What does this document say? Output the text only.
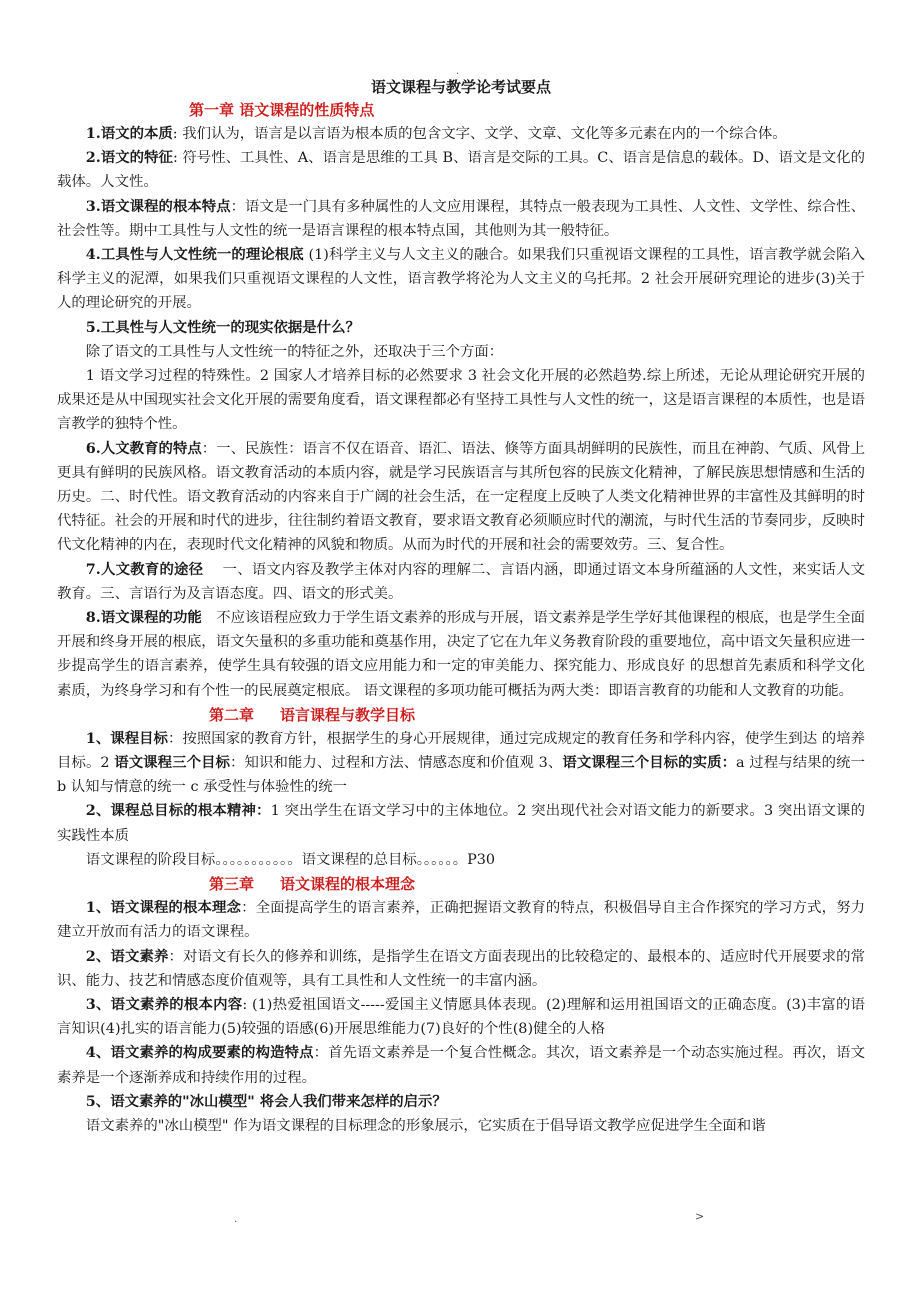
.
语文课程与教学论考试要点
第一章 语文课程的性质特点

1.语文的本质: 我们认为，语言是以言语为根本质的包含文字、文学、文章、文化等多元素在内的一个综合体。

2.语文的特征: 符号性、工具性、A、语言是思维的工具 B、语言是交际的工具。C、语言是信息的载体。D、语文是文化的载体。人文性。

3.语文课程的根本特点：语文是一门具有多种属性的人文应用课程，其特点一般表现为工具性、人文性、文学性、综合性、社会性等。期中工具性与人文性的统一是语言课程的根本特点国，其他则为其一般特征。

4.工具性与人文性统一的理论根底 (1)科学主义与人文主义的融合。如果我们只重视语文课程的工具性，语言教学就会陷入科学主义的泥潭，如果我们只重视语文课程的人文性，语言教学将沦为人文主义的乌托邦。2 社会开展研究理论的进步(3)关于人的理论研究的开展。

5.工具性与人文性统一的现实依据是什么？

除了语文的工具性与人文性统一的特征之外，还取决于三个方面：

1 语文学习过程的特殊性。2 国家人才培养目标的必然要求 3 社会文化开展的必然趋势.综上所述，无论从理论研究开展的成果还是从中国现实社会文化开展的需要角度看，语文课程都必有坚持工具性与人文性的统一，这是语言课程的本质性，也是语言教学的独特个性。

6.人文教育的特点：一、民族性：语言不仅在语音、语汇、语法、倏等方面具胡鲜明的民族性，而且在神韵、气质、风骨上更具有鲜明的民族风格。语文教育活动的本质内容，就是学习民族语言与其所包容的民族文化精神，了解民族思想情感和生活的历史。二、时代性。语文教育活动的内容来自于广阔的社会生活，在一定程度上反映了人类文化精神世界的丰富性及其鲜明的时代特征。社会的开展和时代的进步，往往制约着语文教育，要求语文教育必须顺应时代的潮流，与时代生活的节奏同步，反映时代文化精神的内在，表现时代文化精神的风貌和物质。从而为时代的开展和社会的需要效劳。三、复合性。

7.人文教育的途径　 一、语文内容及教学主体对内容的理解二、言语内涵，即通过语文本身所蕴涵的人文性，来实话人文教育。三、言语行为及言语态度。四、语文的形式美。

8.语文课程的功能　不应该语程应致力于学生语文素养的形成与开展，语文素养是学生学好其他课程的根底，也是学生全面开展和终身开展的根底，语文矢量积的多重功能和奠基作用，决定了它在九年义务教育阶段的重要地位，高中语文矢量积应进一步提高学生的语言素养，使学生具有较强的语文应用能力和一定的审美能力、探究能力、形成良好 的思想首先素质和科学文化素质，为终身学习和有个性一的民展奠定根底。 语文课程的多项功能可概括为两大类：即语言教育的功能和人文教育的功能。

第二章 语言课程与教学目标

1、课程目标：按照国家的教育方针，根据学生的身心开展规律，通过完成规定的教育任务和学科内容，使学生到达 的培养目标。2 语文课程三个目标：知识和能力、过程和方法、情感态度和价值观 3、语文课程三个目标的实质：a 过程与结果的统一 b 认知与情意的统一 c 承受性与体验性的统一

2、课程总目标的根本精神：1 突出学生在语文学习中的主体地位。2 突出现代社会对语文能力的新要求。3 突出语文课的实践性本质

语文课程的阶段目标。。。。。。。。。。。语文课程的总目标。。。。。。P30

第三章 语文课程的根本理念

1、语文课程的根本理念：全面提高学生的语言素养，正确把握语文教育的特点，积极倡导自主合作探究的学习方式，努力建立开放而有活力的语文课程。

2、语文素养：对语文有长久的修养和训练，是指学生在语文方面表现出的比较稳定的、最根本的、适应时代开展要求的常识、能力、技艺和情感态度价值观等，具有工具性和人文性统一的丰富内涵。

3、语文素养的根本内容: (1)热爱祖国语文-----爱国主义情愿具体表现。(2)理解和运用祖国语文的正确态度。(3)丰富的语言知识(4)扎实的语言能力(5)较强的语感(6)开展思维能力(7)良好的个性(8)健全的人格

4、语文素养的构成要素的构造特点：首先语文素养是一个复合性概念。其次，语文素养是一个动态实施过程。再次，语文素养是一个逐渐养成和持续作用的过程。

5、语文素养的"冰山模型" 将会人我们带来怎样的启示？

语文素养的"冰山模型" 作为语文课程的目标理念的形象展示，它实质在于倡导语文教学应促进学生全面和谐

.	>
